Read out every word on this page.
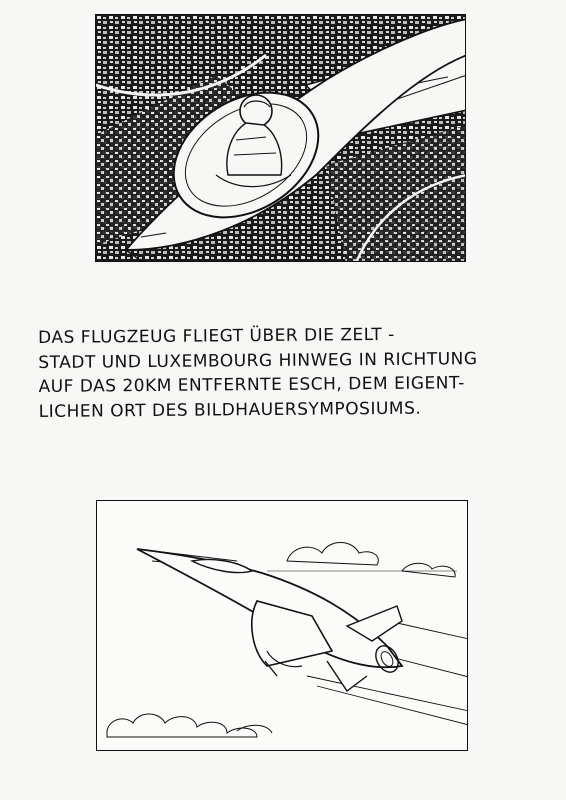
DAS FLUGZEUG FLIEGT ÜBER DIE ZELT -
STADT UND LUXEMBOURG HINWEG IN RICHTUNG
AUF DAS 20KM ENTFERNTE ESCH, DEM EIGENT-
LICHEN ORT DES BILDHAUERSYMPOSIUMS.
